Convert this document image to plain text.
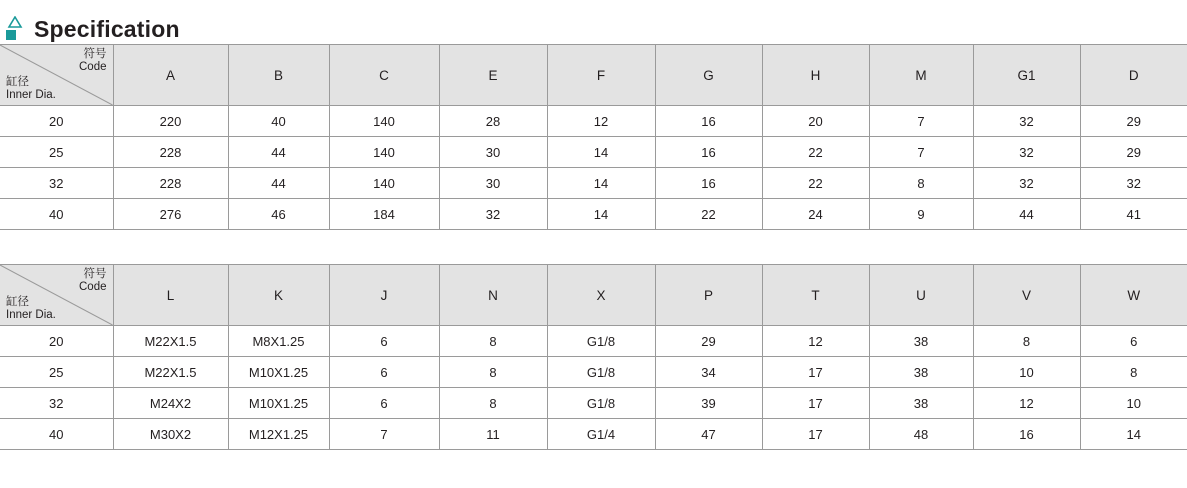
Specification
符号
Code
缸径
Inner Dia.	A	B	C	E	F	G	H	M	G1	D
20	220	40	140	28	12	16	20	7	32	29
25	228	44	140	30	14	16	22	7	32	29
32	228	44	140	30	14	16	22	8	32	32
40	276	46	184	32	14	22	24	9	44	41
符号
Code
缸径
Inner Dia.	L	K	J	N	X	P	T	U	V	W
20	M22X1.5	M8X1.25	6	8	G1/8	29	12	38	8	6
25	M22X1.5	M10X1.25	6	8	G1/8	34	17	38	10	8
32	M24X2	M10X1.25	6	8	G1/8	39	17	38	12	10
40	M30X2	M12X1.25	7	11	G1/4	47	17	48	16	14
